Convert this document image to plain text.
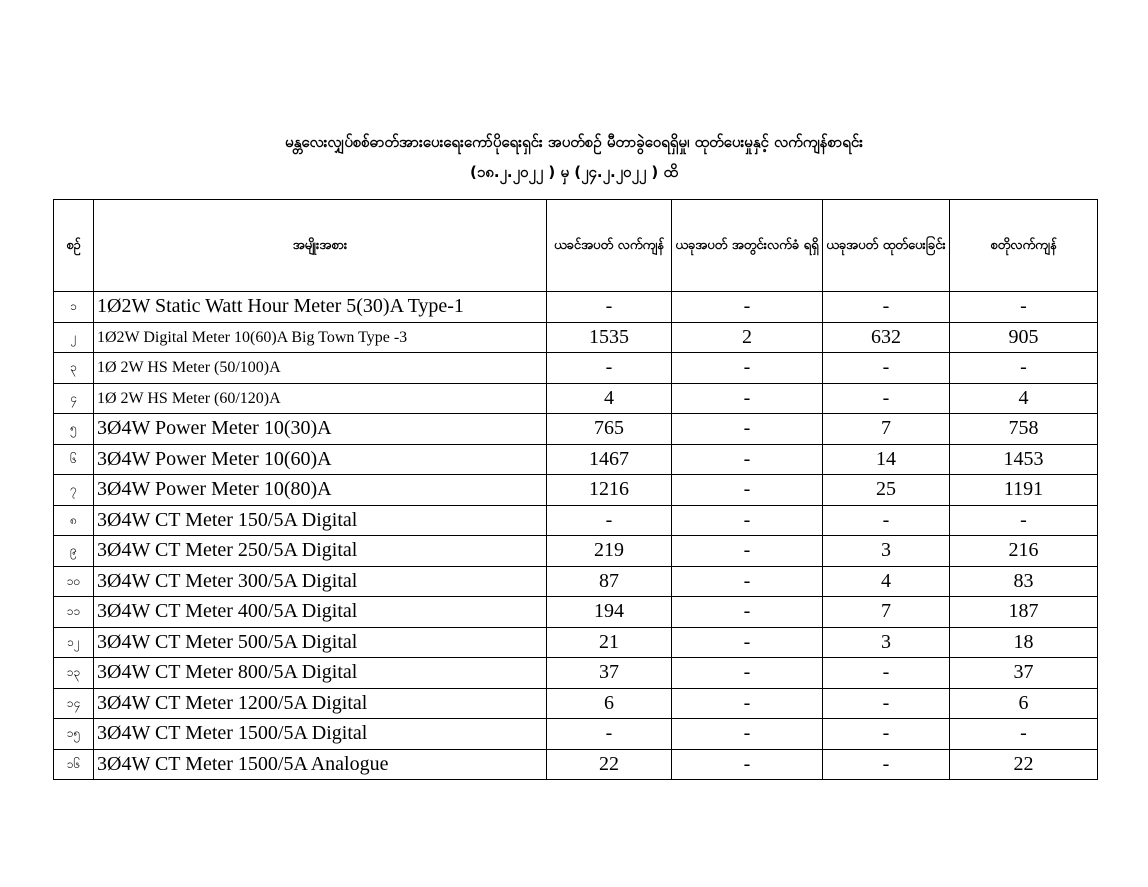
မန္တလေးလျှပ်စစ်ဓာတ်အားပေးရေးကော်ပိုရေးရှင်း အပတ်စဉ် မီတာခွဲဝေရရှိမှု၊ ထုတ်ပေးမှုနှင့် လက်ကျန်စာရင်း
(၁၈.၂.၂၀၂၂ ) မှ (၂၄.၂.၂၀၂၂ ) ထိ
စဉ်	အမျိုးအစား	ယခင်အပတ် လက်ကျန်	ယခုအပတ် အတွင်းလက်ခံ ရရှိ	ယခုအပတ် ထုတ်ပေးခြင်း	စတိုလက်ကျန်
၁	1Ø2W Static Watt Hour Meter 5(30)A Type-1	-	-	-	-
၂	1Ø2W Digital Meter 10(60)A Big Town Type -3	1535	2	632	905
၃	1Ø 2W HS Meter (50/100)A	-	-	-	-
၄	1Ø 2W HS Meter (60/120)A	4	-	-	4
၅	3Ø4W Power Meter 10(30)A	765	-	7	758
၆	3Ø4W Power Meter 10(60)A	1467	-	14	1453
၇	3Ø4W Power Meter 10(80)A	1216	-	25	1191
၈	3Ø4W CT Meter 150/5A Digital	-	-	-	-
၉	3Ø4W CT Meter 250/5A Digital	219	-	3	216
၁၀	3Ø4W CT Meter 300/5A Digital	87	-	4	83
၁၁	3Ø4W CT Meter 400/5A Digital	194	-	7	187
၁၂	3Ø4W CT Meter 500/5A Digital	21	-	3	18
၁၃	3Ø4W CT Meter 800/5A Digital	37	-	-	37
၁၄	3Ø4W CT Meter 1200/5A Digital	6	-	-	6
၁၅	3Ø4W CT Meter 1500/5A Digital	-	-	-	-
၁၆	3Ø4W CT Meter 1500/5A Analogue	22	-	-	22
